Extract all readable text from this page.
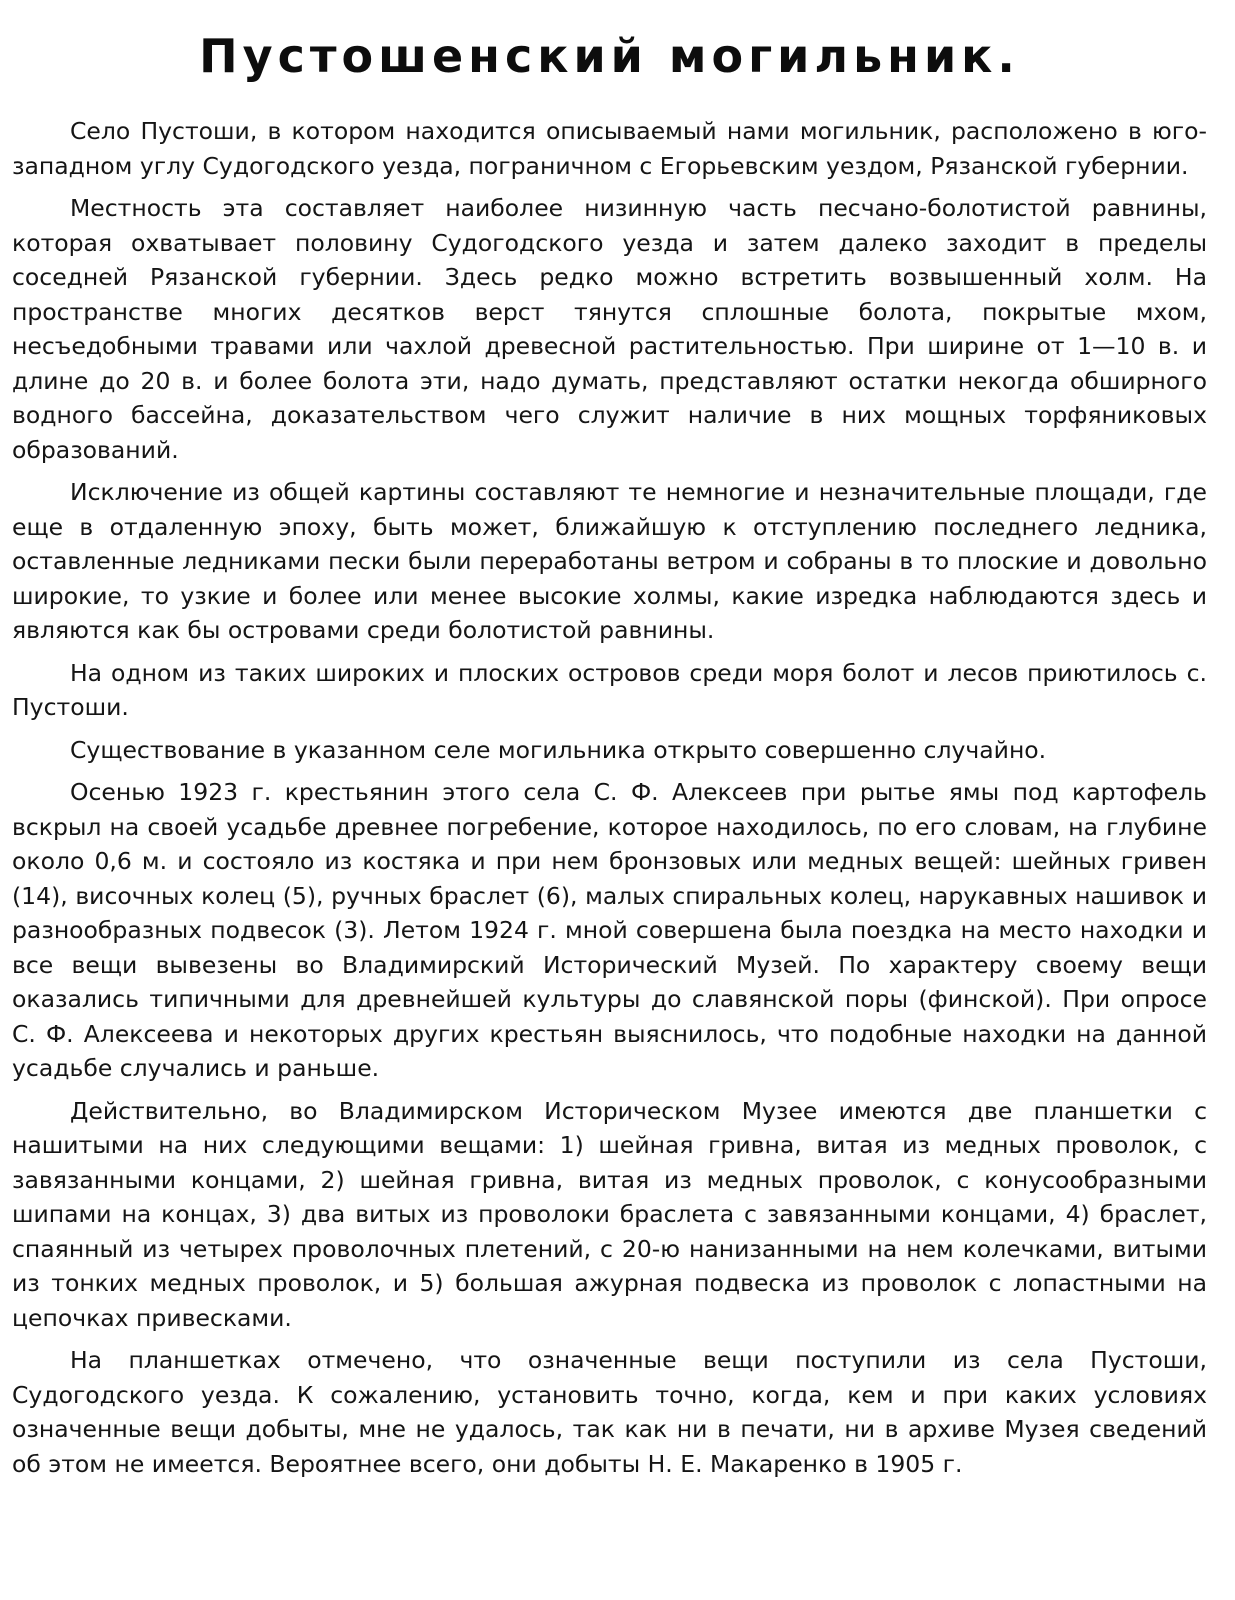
Пустошенский могильник.

Село Пустоши, в котором находится описываемый нами могильник, расположено в юго-западном углу Судогодского уезда, пограничном с Егорьевским уездом, Рязанской губернии.

Местность эта составляет наиболее низинную часть песчано-болотистой равнины, которая охватывает половину Судогодского уезда и затем далеко заходит в пределы соседней Рязанской губернии. Здесь редко можно встретить возвышенный холм. На пространстве многих десятков верст тянутся сплошные болота, покрытые мхом, несъедобными травами или чахлой древесной растительностью. При ширине от 1—10 в. и длине до 20 в. и более болота эти, надо думать, представляют остатки некогда обширного водного бассейна, доказательством чего служит наличие в них мощных торфяниковых образований.

Исключение из общей картины составляют те немногие и незначительные площади, где еще в отдаленную эпоху, быть может, ближайшую к отступлению последнего ледника, оставленные ледниками пески были переработаны ветром и собраны в то плоские и довольно широкие, то узкие и более или менее высокие холмы, какие изредка наблюдаются здесь и являются как бы островами среди болотистой равнины.

На одном из таких широких и плоских островов среди моря болот и лесов приютилось с. Пустоши.

Существование в указанном селе могильника открыто совершенно случайно.

Осенью 1923 г. крестьянин этого села С. Ф. Алексеев при рытье ямы под картофель вскрыл на своей усадьбе древнее погребение, которое находилось, по его словам, на глубине около 0,6 м. и состояло из костяка и при нем бронзовых или медных вещей: шейных гривен (14), височных колец (5), ручных браслет (6), малых спиральных колец, нарукавных нашивок и разнообразных подвесок (3). Летом 1924 г. мной совершена была поездка на место находки и все вещи вывезены во Владимирский Исторический Музей. По характеру своему вещи оказались типичными для древнейшей культуры до славянской поры (финской). При опросе С. Ф. Алексеева и некоторых других крестьян выяснилось, что подобные находки на данной усадьбе случались и раньше.

Действительно, во Владимирском Историческом Музее имеются две планшетки с нашитыми на них следующими вещами: 1) шейная гривна, витая из медных проволок, с завязанными концами, 2) шейная гривна, витая из медных проволок, с конусообразными шипами на концах, 3) два витых из проволоки браслета с завязанными концами, 4) браслет, спаянный из четырех проволочных плетений, с 20-ю нанизанными на нем колечками, витыми из тонких медных проволок, и 5) большая ажурная подвеска из проволок с лопастными на цепочках привесками.

На планшетках отмечено, что означенные вещи поступили из села Пустоши, Судогодского уезда. К сожалению, установить точно, когда, кем и при каких условиях означенные вещи добыты, мне не удалось, так как ни в печати, ни в архиве Музея сведений об этом не имеется. Вероятнее всего, они добыты Н. Е. Макаренко в 1905 г.
